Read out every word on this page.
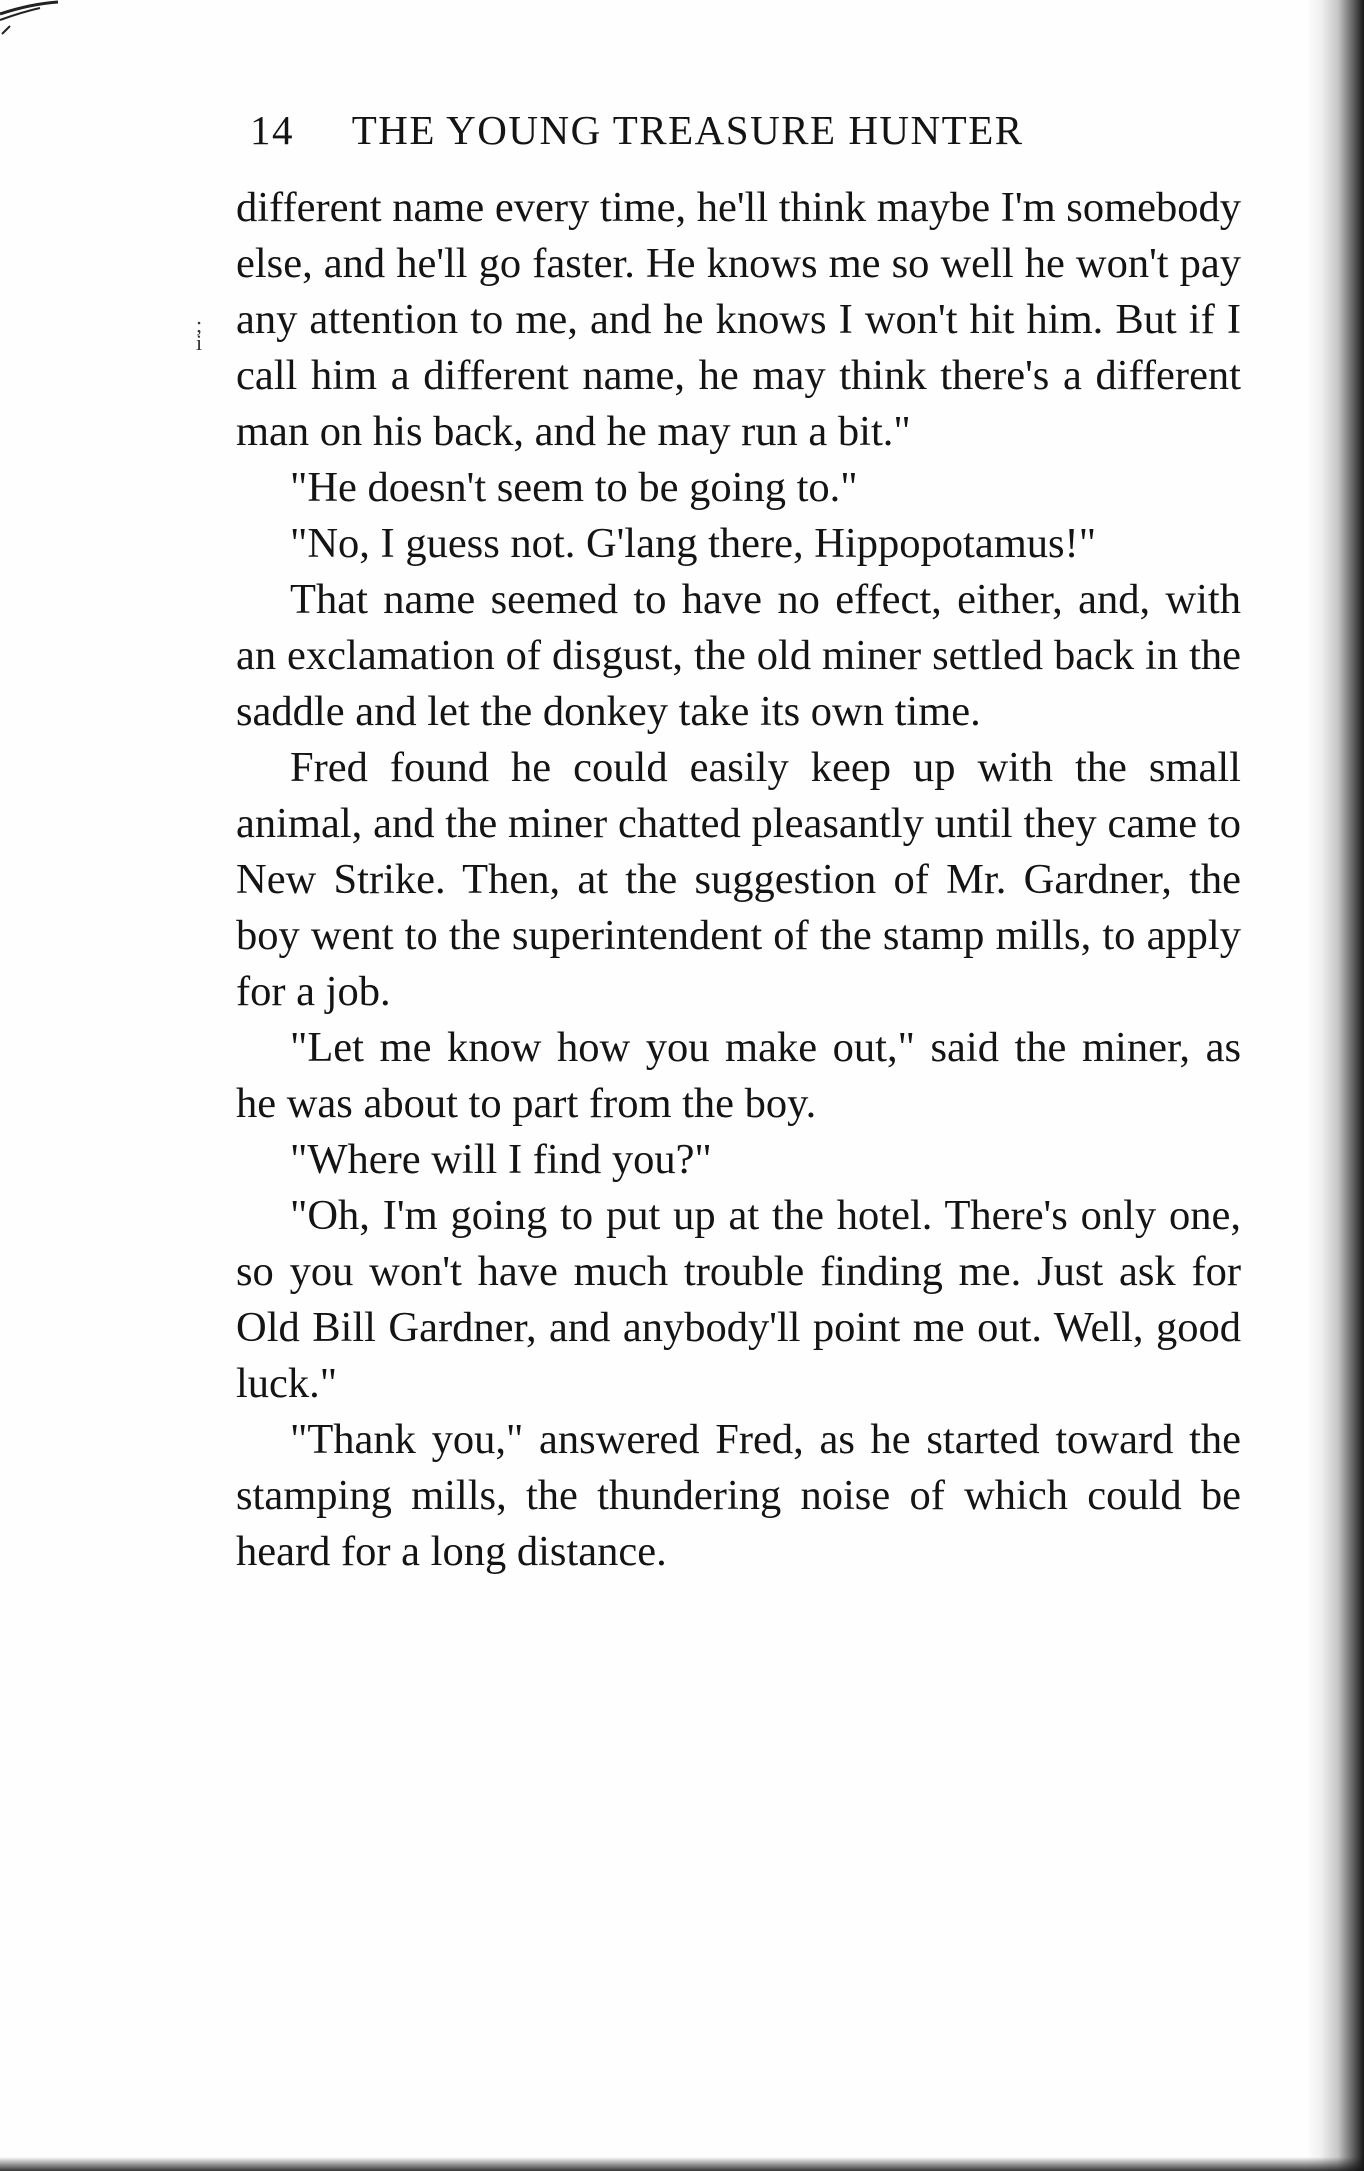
14 THE YOUNG TREASURE HUNTER
;
i

different name every time, he'll think maybe I'm somebody else, and he'll go faster. He knows me so well he won't pay any attention to me, and he knows I won't hit him. But if I call him a different name, he may think there's a different man on his back, and he may run a bit."

"He doesn't seem to be going to."

"No, I guess not. G'lang there, Hippopotamus!"

That name seemed to have no effect, either, and, with an exclamation of disgust, the old miner settled back in the saddle and let the donkey take its own time.

Fred found he could easily keep up with the small animal, and the miner chatted pleasantly until they came to New Strike. Then, at the suggestion of Mr. Gardner, the boy went to the superintendent of the stamp mills, to apply for a job.

"Let me know how you make out," said the miner, as he was about to part from the boy.

"Where will I find you?"

"Oh, I'm going to put up at the hotel. There's only one, so you won't have much trouble finding me. Just ask for Old Bill Gardner, and anybody'll point me out. Well, good luck."

"Thank you," answered Fred, as he started toward the stamping mills, the thundering noise of which could be heard for a long distance.
